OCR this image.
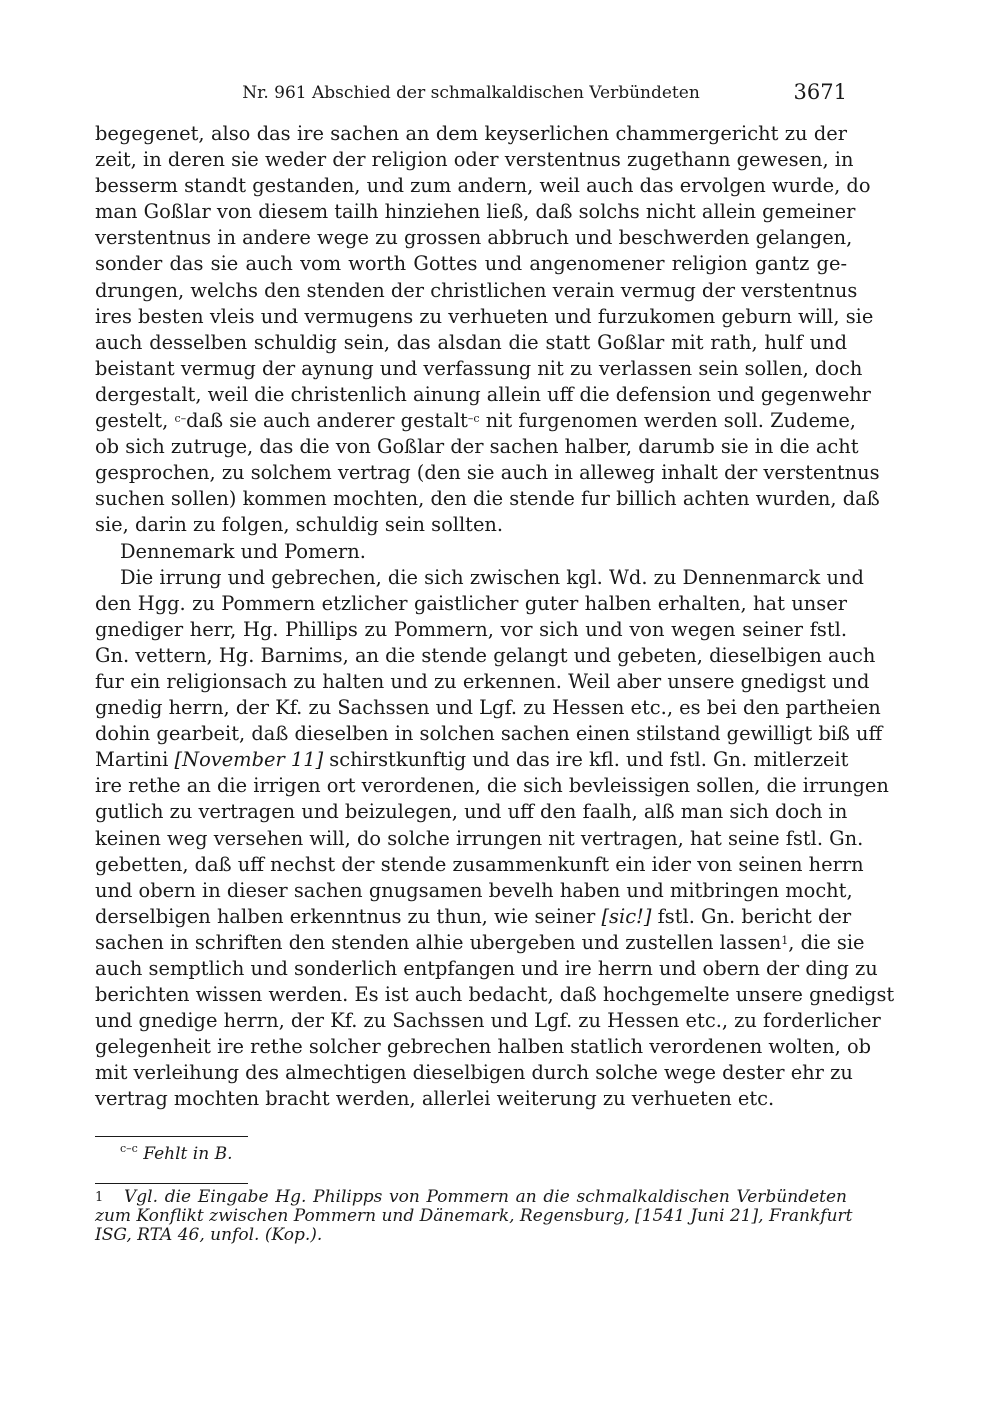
Nr. 961 Abschied der schmalkaldischen Verbündeten	3671
begegenet, also das ire sachen an dem keyserlichen chammergericht zu der
zeit, in deren sie weder der religion oder verstentnus zugethann gewesen, in
besserm standt gestanden, und zum andern, weil auch das ervolgen wurde, do
man Goßlar von diesem tailh hinziehen ließ, daß solchs nicht allein gemeiner
verstentnus in andere wege zu grossen abbruch und beschwerden gelangen,
sonder das sie auch vom worth Gottes und angenomener religion gantz ge-
drungen, welchs den stenden der christlichen verain vermug der verstentnus
ires besten vleis und vermugens zu verhueten und furzukomen geburn will, sie
auch desselben schuldig sein, das alsdan die statt Goßlar mit rath, hulf und
beistant vermug der aynung und verfassung nit zu verlassen sein sollen, doch
dergestalt, weil die christenlich ainung allein uff die defension und gegenwehr
gestelt, $^{c-}$daß sie auch anderer gestalt$^{-c}$ nit furgenomen werden soll. Zudeme,
ob sich zutruge, das die von Goßlar der sachen halber, darumb sie in die acht
gesprochen, zu solchem vertrag (den sie auch in alleweg inhalt der verstentnus
suchen sollen) kommen mochten, den die stende fur billich achten wurden, daß
sie, darin zu folgen, schuldig sein sollten.
Dennemark und Pomern.
Die irrung und gebrechen, die sich zwischen kgl. Wd. zu Dennenmarck und
den Hgg. zu Pommern etzlicher gaistlicher guter halben erhalten, hat unser
gnediger herr, Hg. Phillips zu Pommern, vor sich und von wegen seiner fstl.
Gn. vettern, Hg. Barnims, an die stende gelangt und gebeten, dieselbigen auch
fur ein religionsach zu halten und zu erkennen. Weil aber unsere gnedigst und
gnedig herrn, der Kf. zu Sachssen und Lgf. zu Hessen etc., es bei den partheien
dohin gearbeit, daß dieselben in solchen sachen einen stilstand gewilligt biß uff
Martini [November 11] schirstkunftig und das ire kfl. und fstl. Gn. mitlerzeit
ire rethe an die irrigen ort verordenen, die sich bevleissigen sollen, die irrungen
gutlich zu vertragen und beizulegen, und uff den faalh, alß man sich doch in
keinen weg versehen will, do solche irrungen nit vertragen, hat seine fstl. Gn.
gebetten, daß uff nechst der stende zusammenkunft ein ider von seinen herrn
und obern in dieser sachen gnugsamen bevelh haben und mitbringen mocht,
derselbigen halben erkenntnus zu thun, wie seiner [sic!] fstl. Gn. bericht der
sachen in schriften den stenden alhie ubergeben und zustellen lassen$^1$, die sie
auch semptlich und sonderlich entpfangen und ire herrn und obern der ding zu
berichten wissen werden. Es ist auch bedacht, daß hochgemelte unsere gnedigst
und gnedige herrn, der Kf. zu Sachssen und Lgf. zu Hessen etc., zu forderlicher
gelegenheit ire rethe solcher gebrechen halben statlich verordenen wolten, ob
mit verleihung des almechtigen dieselbigen durch solche wege dester ehr zu
vertrag mochten bracht werden, allerlei weiterung zu verhueten etc.
$^{c-c}$ Fehlt in B.
1 Vgl. die Eingabe Hg. Philipps von Pommern an die schmalkaldischen Verbündeten
zum Konflikt zwischen Pommern und Dänemark, Regensburg, [1541 Juni 21], Frankfurt
ISG, RTA 46, unfol. (Kop.).
